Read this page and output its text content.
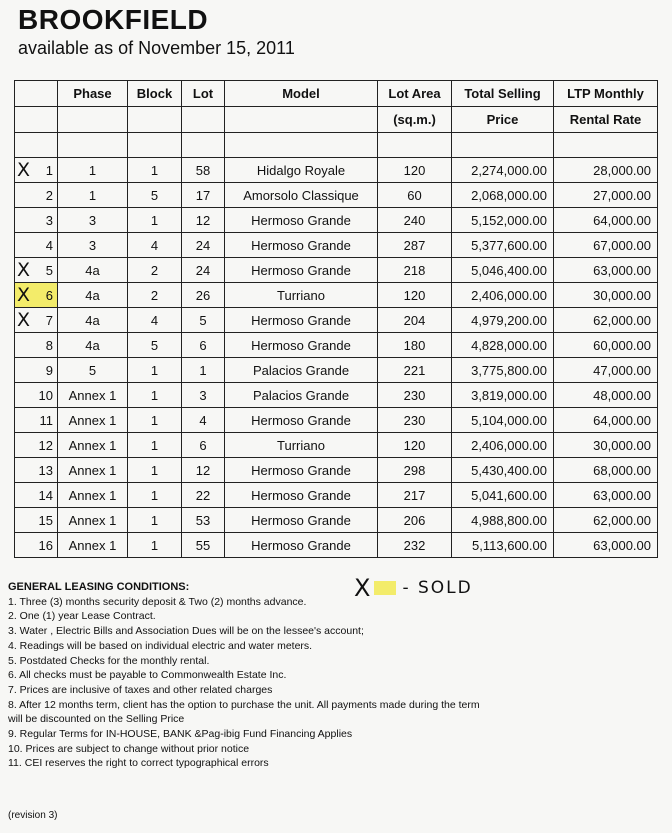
BROOKFIELD
available as of November 15, 2011
	Phase	Block	Lot	Model	Lot Area	Total Selling	LTP Monthly
					(sq.m.)	Price	Rental Rate

X 1	1	1	58	Hidalgo Royale	120	2,274,000.00	28,000.00
2	1	5	17	Amorsolo Classique	60	2,068,000.00	27,000.00
3	3	1	12	Hermoso Grande	240	5,152,000.00	64,000.00
4	3	4	24	Hermoso Grande	287	5,377,600.00	67,000.00

X 5	4a	2	24	Hermoso Grande	218	5,046,400.00	63,000.00

X 6	4a	2	26	Turriano	120	2,406,000.00	30,000.00

X 7	4a	4	5	Hermoso Grande	204	4,979,200.00	62,000.00
8	4a	5	6	Hermoso Grande	180	4,828,000.00	60,000.00
9	5	1	1	Palacios Grande	221	3,775,800.00	47,000.00
10	Annex 1	1	3	Palacios Grande	230	3,819,000.00	48,000.00
11	Annex 1	1	4	Hermoso Grande	230	5,104,000.00	64,000.00
12	Annex 1	1	6	Turriano	120	2,406,000.00	30,000.00
13	Annex 1	1	12	Hermoso Grande	298	5,430,400.00	68,000.00
14	Annex 1	1	22	Hermoso Grande	217	5,041,600.00	63,000.00
15	Annex 1	1	53	Hermoso Grande	206	4,988,800.00	62,000.00
16	Annex 1	1	55	Hermoso Grande	232	5,113,600.00	63,000.00
X - SOLD
GENERAL LEASING CONDITIONS:
1. Three (3) months security deposit & Two (2) months advance.
2. One (1) year Lease Contract.
3. Water , Electric Bills and Association Dues will be on the lessee's account;
4. Readings will be based on individual electric and water meters.
5. Postdated Checks for the monthly rental.
6. All checks must be payable to Commonwealth Estate Inc.
7. Prices are inclusive of taxes and other related charges
8. After 12 months term, client has the option to purchase the unit. All payments made during the term
will be discounted on the Selling Price
9. Regular Terms for IN-HOUSE, BANK &Pag-ibig Fund Financing Applies
10. Prices are subject to change without prior notice
11. CEI reserves the right to correct typographical errors
(revision 3)
